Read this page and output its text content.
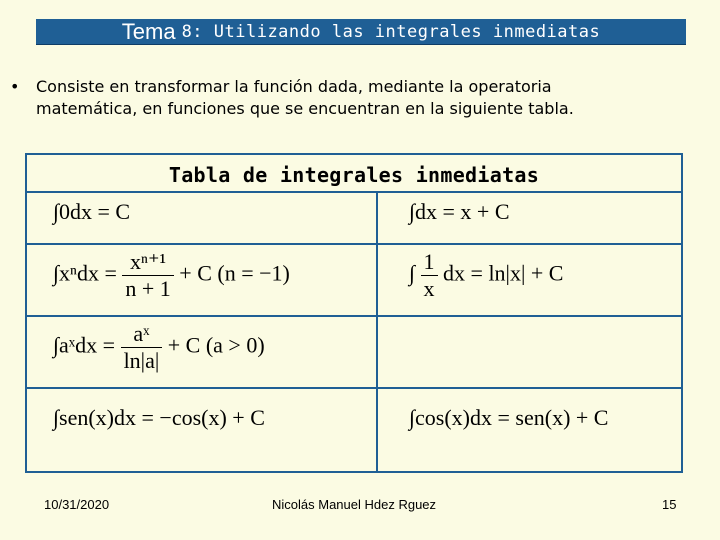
Tema 8: Utilizando las integrales inmediatas
•	Consiste en transformar la función dada, mediante la operatoria
matemática, en funciones que se encuentran en la siguiente tabla.
Tabla de integrales inmediatas
∫0dx = C	∫dx = x + C
$\int x^ndx = \frac{\text{xⁿ⁺¹}}{n + 1} + C$ (n = −1)	∫ $\frac{1}{x}$ dx = ln|x| + C
∫aˣdx = $\frac{\text{aˣ}}{\ln|a|} + C$ (a > 0)
∫sen(x)dx = −cos(x) + C	∫cos(x)dx = sen(x) + C
10/31/2020	Nicolás Manuel Hdez Rguez	15
